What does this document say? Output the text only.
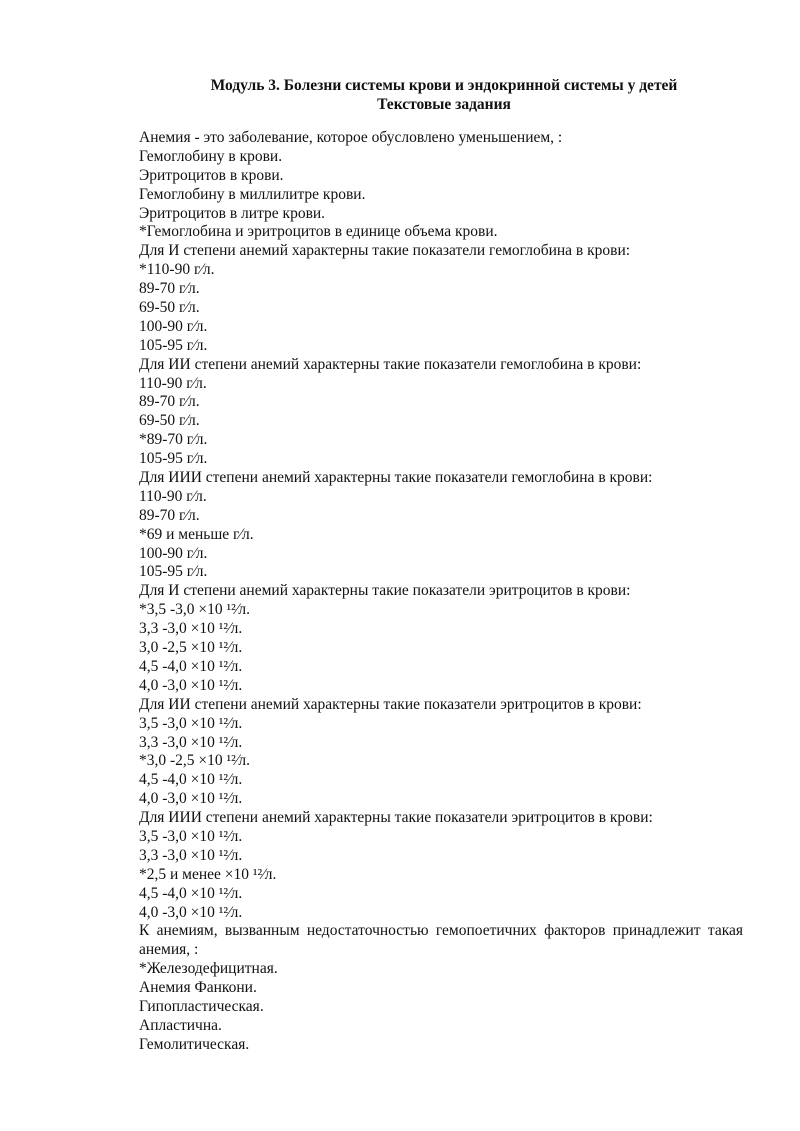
Модуль 3. Болезни системы крови и эндокринной системы у детей
Текстовые задания
Анемия - это заболевание, которое обусловлено уменьшением, :
Гемоглобину в крови.
Эритроцитов в крови.
Гемоглобину в миллилитре крови.
Эритроцитов в литре крови.
*Гемоглобина и эритроцитов в единице объема крови.
Для И степени анемий характерны такие показатели гемоглобина в крови:
*110-90 г⁄л.
89-70 г⁄л.
69-50 г⁄л.
100-90 г⁄л.
105-95 г⁄л.
Для ИИ степени анемий характерны такие показатели гемоглобина в крови:
110-90 г⁄л.
89-70 г⁄л.
69-50 г⁄л.
*89-70 г⁄л.
105-95 г⁄л.
Для ИИИ степени анемий характерны такие показатели гемоглобина в крови:
110-90 г⁄л.
89-70 г⁄л.
*69 и меньше г⁄л.
100-90 г⁄л.
105-95 г⁄л.
Для И степени анемий характерны такие показатели эритроцитов в крови:
*3,5 -3,0 ×10 ¹²⁄л.
3,3 -3,0 ×10 ¹²⁄л.
3,0 -2,5 ×10 ¹²⁄л.
4,5 -4,0 ×10 ¹²⁄л.
4,0 -3,0 ×10 ¹²⁄л.
Для ИИ степени анемий характерны такие показатели эритроцитов в крови:
3,5 -3,0 ×10 ¹²⁄л.
3,3 -3,0 ×10 ¹²⁄л.
*3,0 -2,5 ×10 ¹²⁄л.
4,5 -4,0 ×10 ¹²⁄л.
4,0 -3,0 ×10 ¹²⁄л.
Для ИИИ степени анемий характерны такие показатели эритроцитов в крови:
3,5 -3,0 ×10 ¹²⁄л.
3,3 -3,0 ×10 ¹²⁄л.
*2,5 и менее ×10 ¹²⁄л.
4,5 -4,0 ×10 ¹²⁄л.
4,0 -3,0 ×10 ¹²⁄л.
К анемиям, вызванным недостаточностью гемопоетичних факторов принадлежит такая анемия, :
*Железодефицитная.
Анемия Фанкони.
Гипопластическая.
Апластична.
Гемолитическая.
